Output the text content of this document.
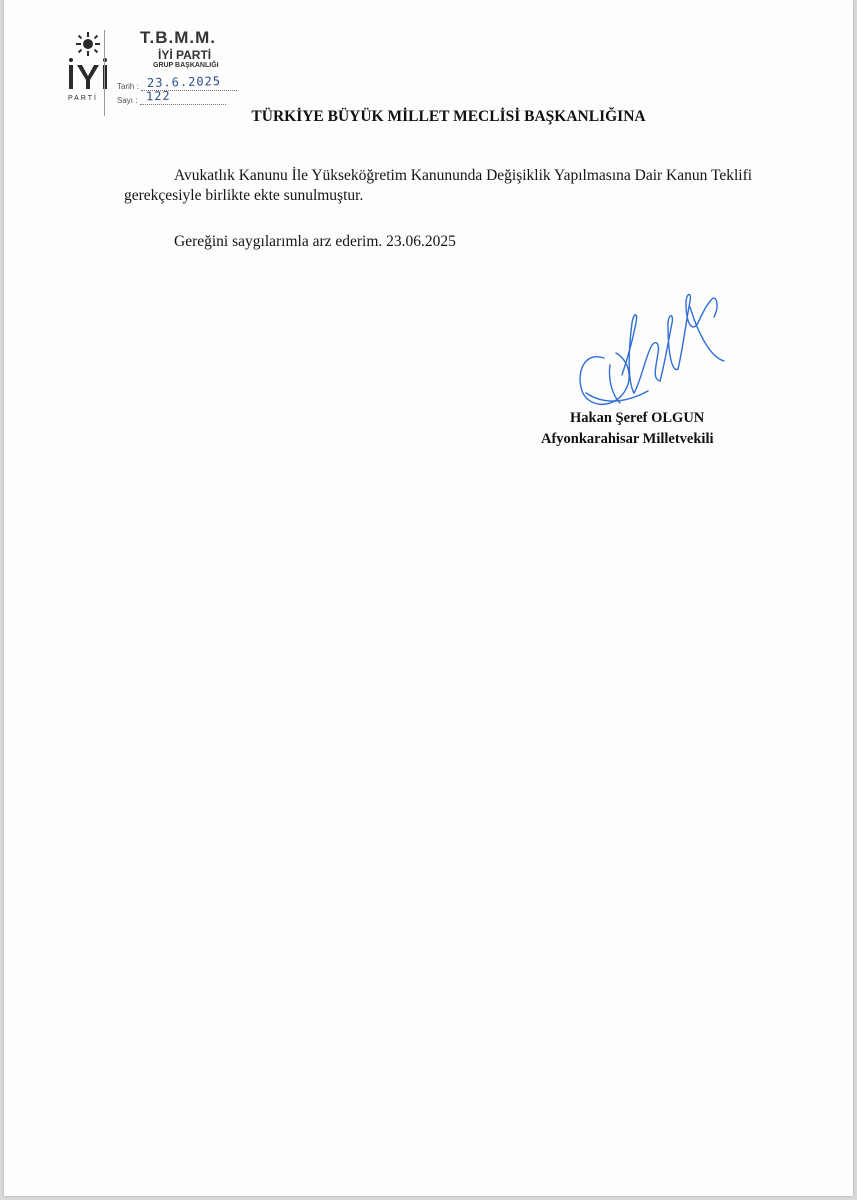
PARTİ
T.B.M.M.
İYİ PARTİ
GRUP BAŞKANLIĞI
Tarih : 23.6.2025
Sayı : 122
TÜRKİYE BÜYÜK MİLLET MECLİSİ BAŞKANLIĞINA
Avukatlık Kanunu İle Yükseköğretim Kanununda Değişiklik Yapılmasına Dair Kanun Teklifi gerekçesiyle birlikte ekte sunulmuştur.
Gereğini saygılarımla arz ederim. 23.06.2025
Hakan Şeref OLGUN
Afyonkarahisar Milletvekili
